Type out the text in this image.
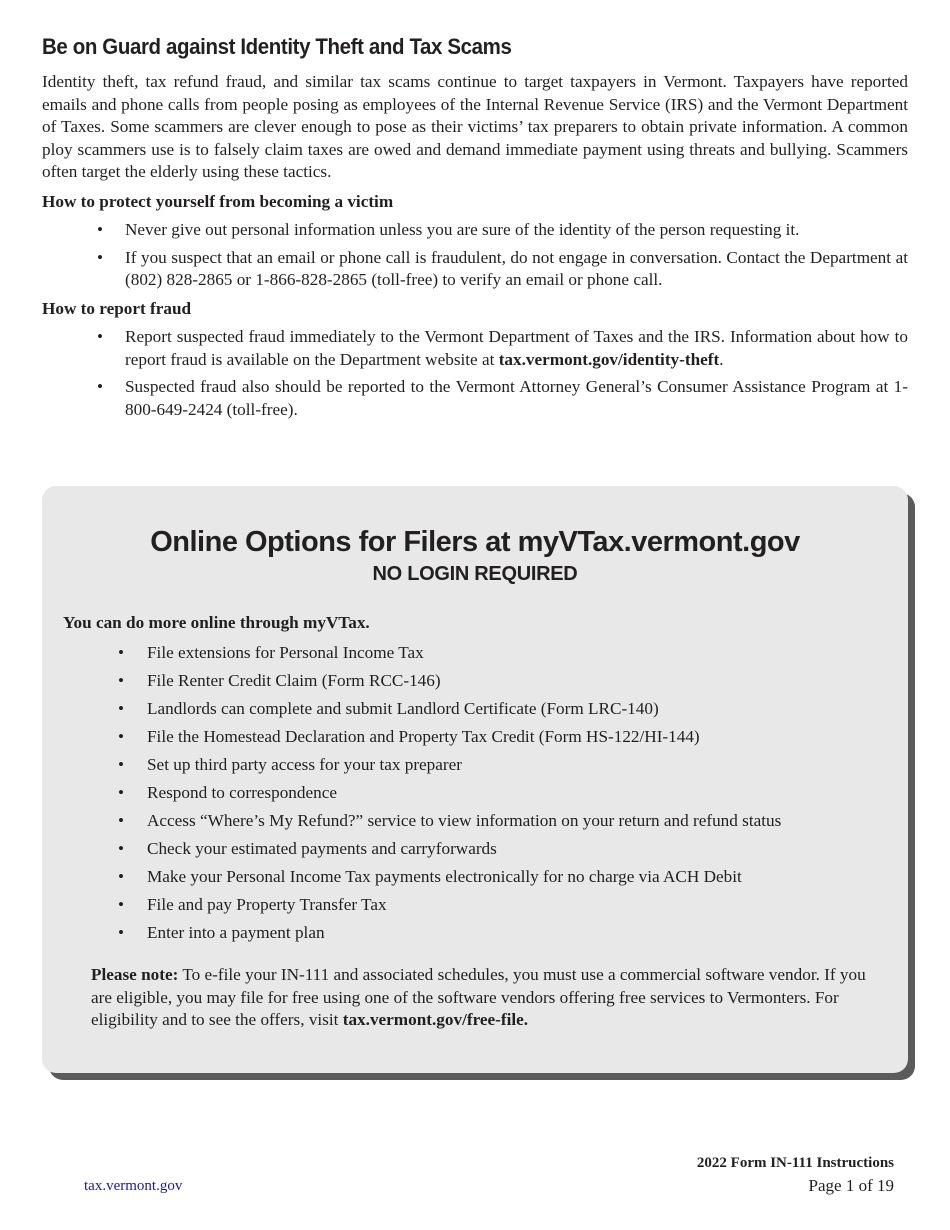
Be on Guard against Identity Theft and Tax Scams

Identity theft, tax refund fraud, and similar tax scams continue to target taxpayers in Vermont. Taxpayers have reported emails and phone calls from people posing as employees of the Internal Revenue Service (IRS) and the Vermont Department of Taxes. Some scammers are clever enough to pose as their victims’ tax preparers to obtain private information. A common ploy scammers use is to falsely claim taxes are owed and demand immediate payment using threats and bullying. Scammers often target the elderly using these tactics.

How to protect yourself from becoming a victim
• Never give out personal information unless you are sure of the identity of the person requesting it.
• If you suspect that an email or phone call is fraudulent, do not engage in conversation. Contact the Department at (802) 828-2865 or 1-866-828-2865 (toll-free) to verify an email or phone call.
How to report fraud
• Report suspected fraud immediately to the Vermont Department of Taxes and the IRS. Information about how to report fraud is available on the Department website at tax.vermont.gov/identity-theft.
• Suspected fraud also should be reported to the Vermont Attorney General’s Consumer Assistance Program at 1-800-649-2424 (toll-free).
Online Options for Filers at myVTax.vermont.gov
NO LOGIN REQUIRED

You can do more online through myVTax.

• File extensions for Personal Income Tax
• File Renter Credit Claim (Form RCC-146)
• Landlords can complete and submit Landlord Certificate (Form LRC-140)
• File the Homestead Declaration and Property Tax Credit (Form HS-122/HI-144)
• Set up third party access for your tax preparer
• Respond to correspondence
• Access “Where’s My Refund?” service to view information on your return and refund status
• Check your estimated payments and carryforwards
• Make your Personal Income Tax payments electronically for no charge via ACH Debit
• File and pay Property Transfer Tax
• Enter into a payment plan

Please note: To e-file your IN-111 and associated schedules, you must use a commercial software vendor. If you are eligible, you may file for free using one of the software vendors offering free services to Vermonters. For eligibility and to see the offers, visit tax.vermont.gov/free-file.

tax.vermont.gov
2022 Form IN-111 Instructions
Page 1 of 19
